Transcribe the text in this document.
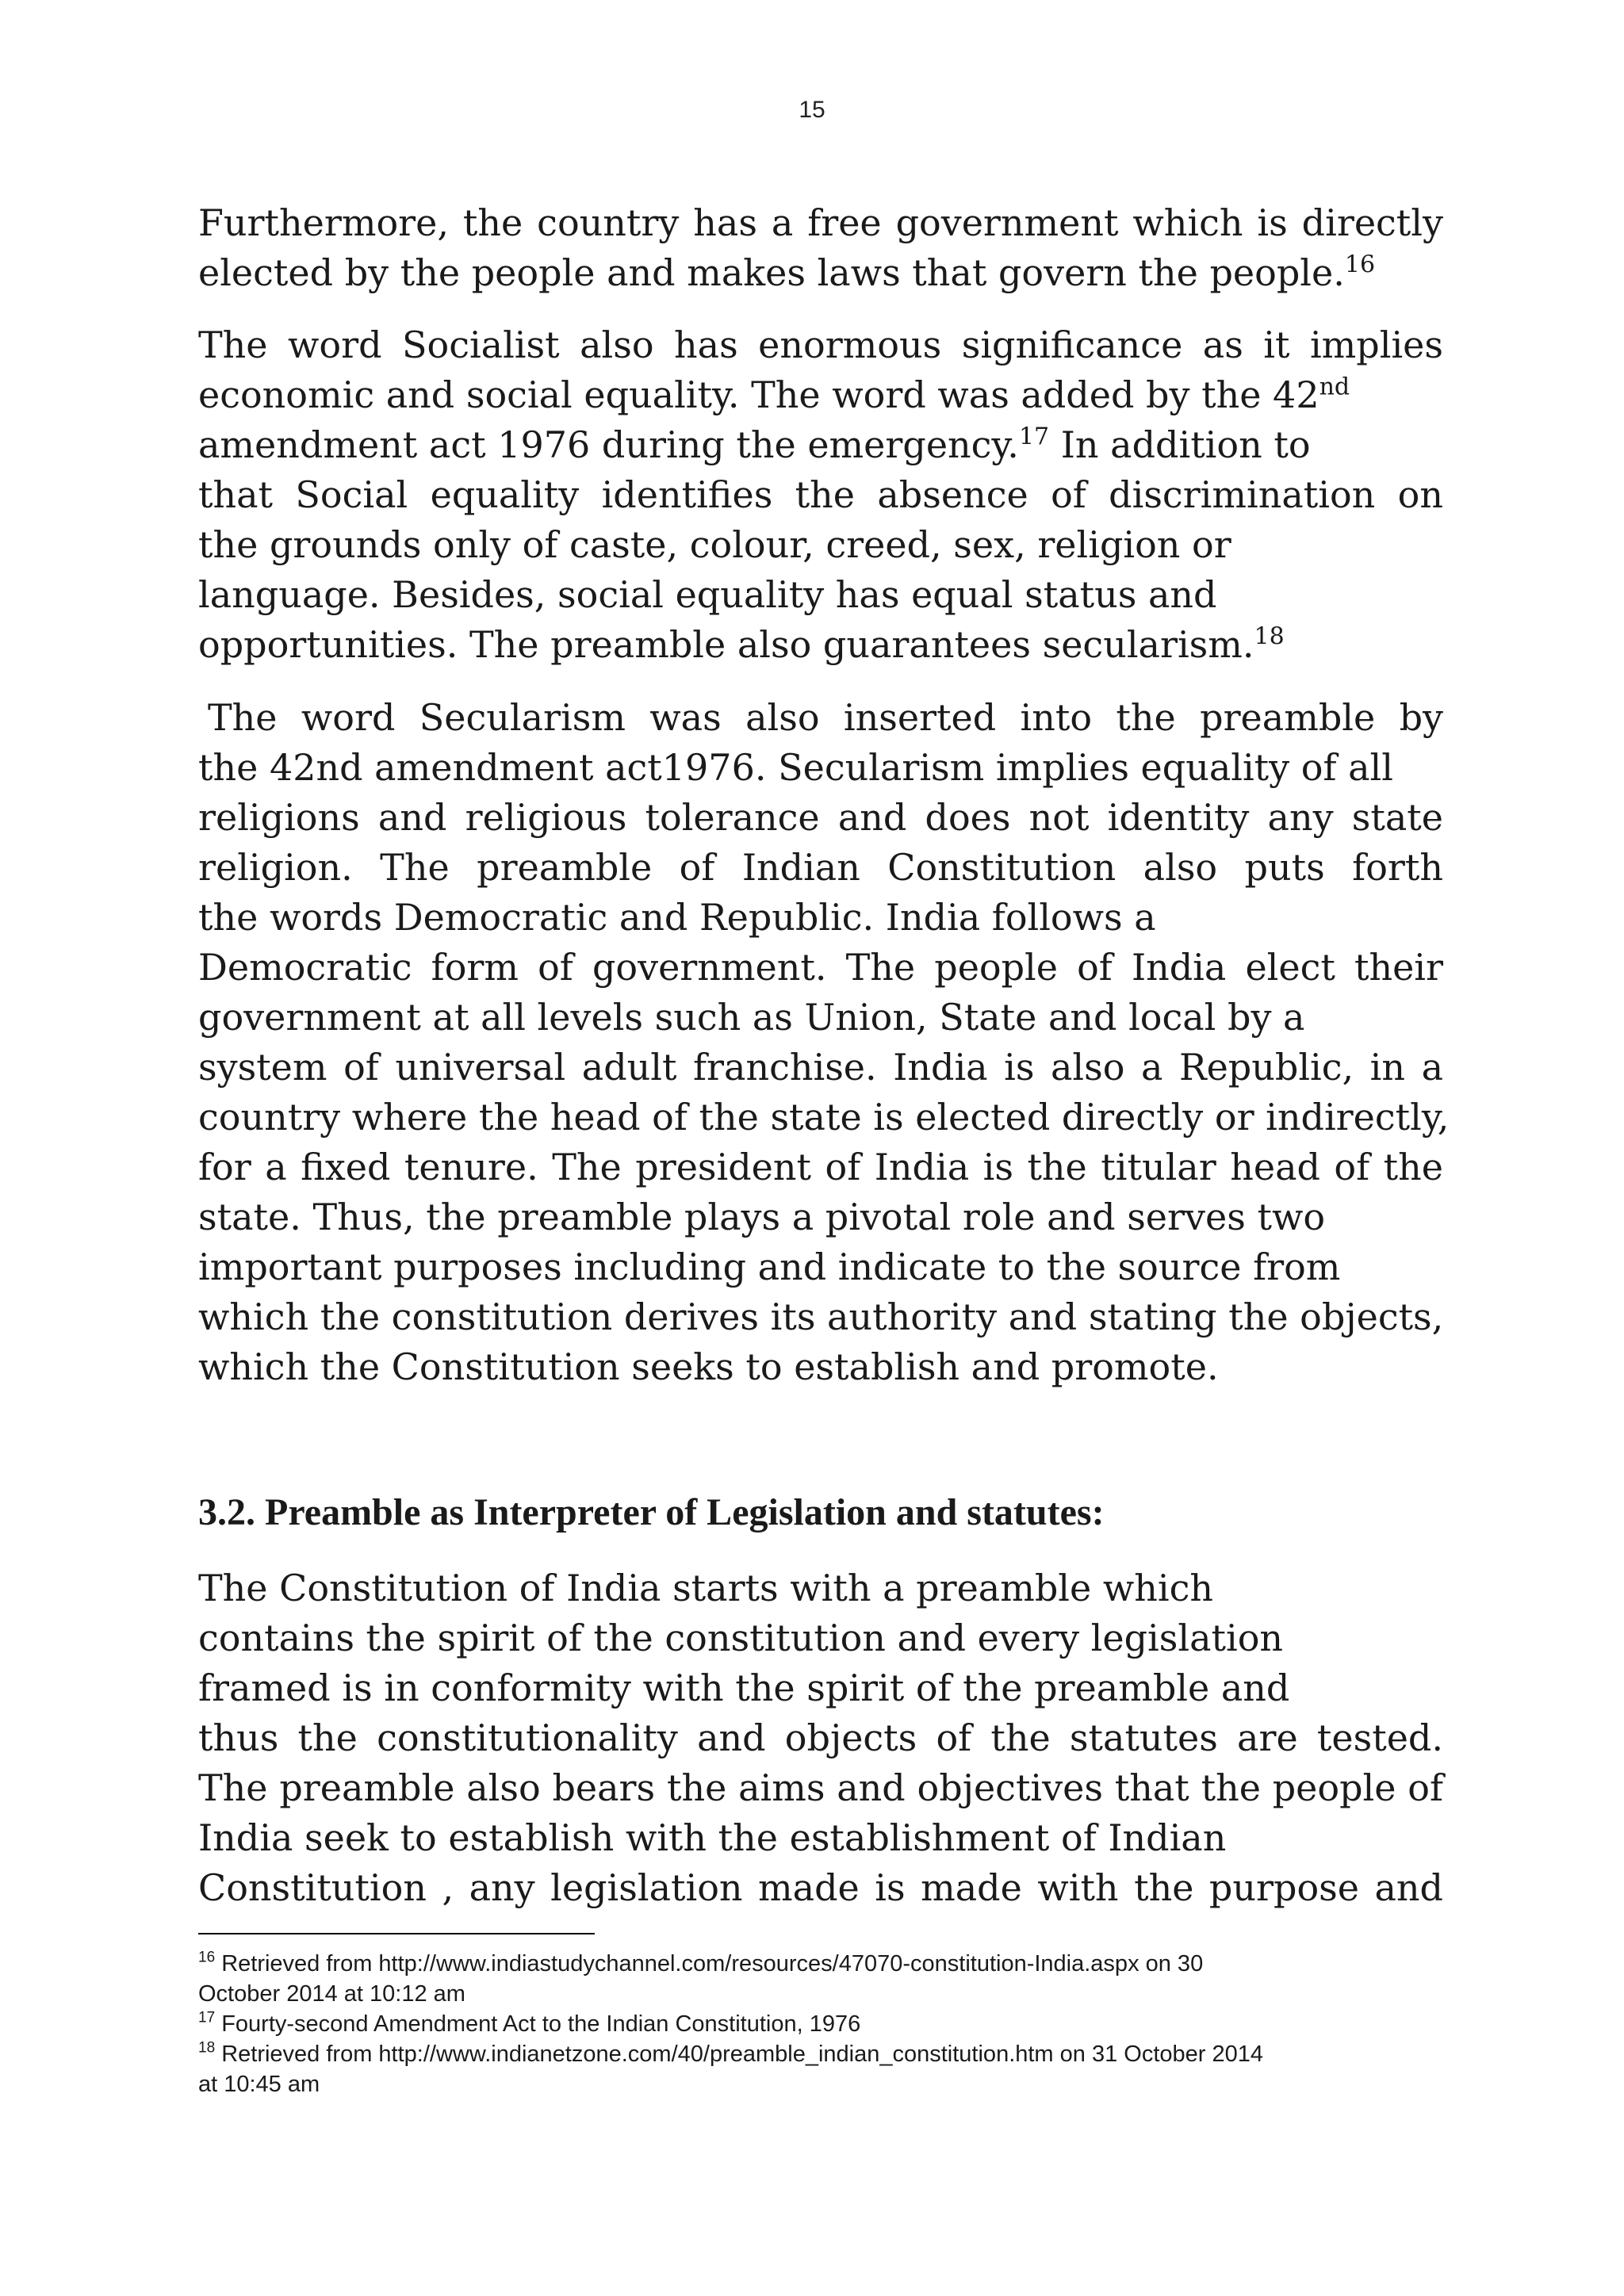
15
Furthermore, the country has a free government which is directly
elected by the people and makes laws that govern the people.$^{16}$
The word Socialist also has enormous significance as it implies
economic and social equality. The word was added by the 42nd
amendment act 1976 during the emergency.$^{17}$ In addition to
that Social equality identifies the absence of discrimination on
the grounds only of caste, colour, creed, sex, religion or
language. Besides, social equality has equal status and
opportunities. The preamble also guarantees secularism.$^{18}$
The word Secularism was also inserted into the preamble by
the 42nd amendment act1976. Secularism implies equality of all
religions and religious tolerance and does not identity any state
religion. The preamble of Indian Constitution also puts forth
the words Democratic and Republic. India follows a
Democratic form of government. The people of India elect their
government at all levels such as Union, State and local by a
system of universal adult franchise. India is also a Republic, in a
country where the head of the state is elected directly or indirectly,
for a fixed tenure. The president of India is the titular head of the
state. Thus, the preamble plays a pivotal role and serves two
important purposes including and indicate to the source from
which the constitution derives its authority and stating the objects,
which the Constitution seeks to establish and promote.
3.2. Preamble as Interpreter of Legislation and statutes:
The Constitution of India starts with a preamble which
contains the spirit of the constitution and every legislation
framed is in conformity with the spirit of the preamble and
thus the constitutionality and objects of the statutes are tested.
The preamble also bears the aims and objectives that the people of
India seek to establish with the establishment of Indian
Constitution , any legislation made is made with the purpose and
$^{16}$ Retrieved from http://www.indiastudychannel.com/resources/47070-constitution-India.aspx on 30
October 2014 at 10:12 am
$^{17}$ Fourty-second Amendment Act to the Indian Constitution, 1976
$^{18}$ Retrieved from http://www.indianetzone.com/40/preamble_indian_constitution.htm on 31 October 2014
at 10:45 am
